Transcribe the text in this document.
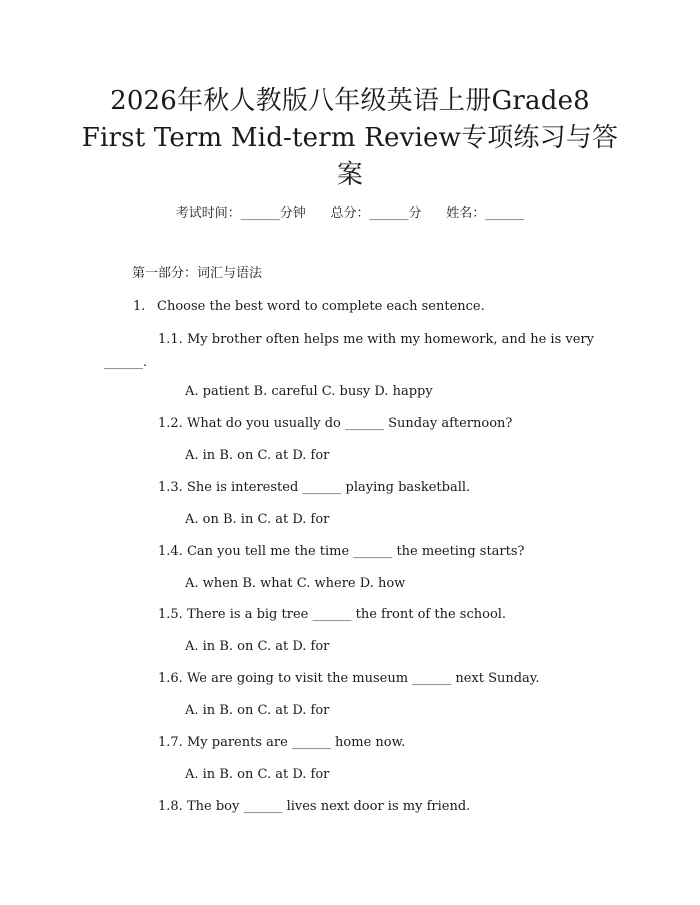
2026年秋人教版八年级英语上册Grade8
First Term Mid-term Review专项练习与答
案
考试时间：______分钟      总分：______分      姓名：______
第一部分：词汇与语法
1. Choose the best word to complete each sentence.
1.1. My brother often helps me with my homework, and he is very
______.
A. patient B. careful C. busy D. happy
1.2. What do you usually do ______ Sunday afternoon?
A. in B. on C. at D. for
1.3. She is interested ______ playing basketball.
A. on B. in C. at D. for
1.4. Can you tell me the time ______ the meeting starts?
A. when B. what C. where D. how
1.5. There is a big tree ______ the front of the school.
A. in B. on C. at D. for
1.6. We are going to visit the museum ______ next Sunday.
A. in B. on C. at D. for
1.7. My parents are ______ home now.
A. in B. on C. at D. for
1.8. The boy ______ lives next door is my friend.
